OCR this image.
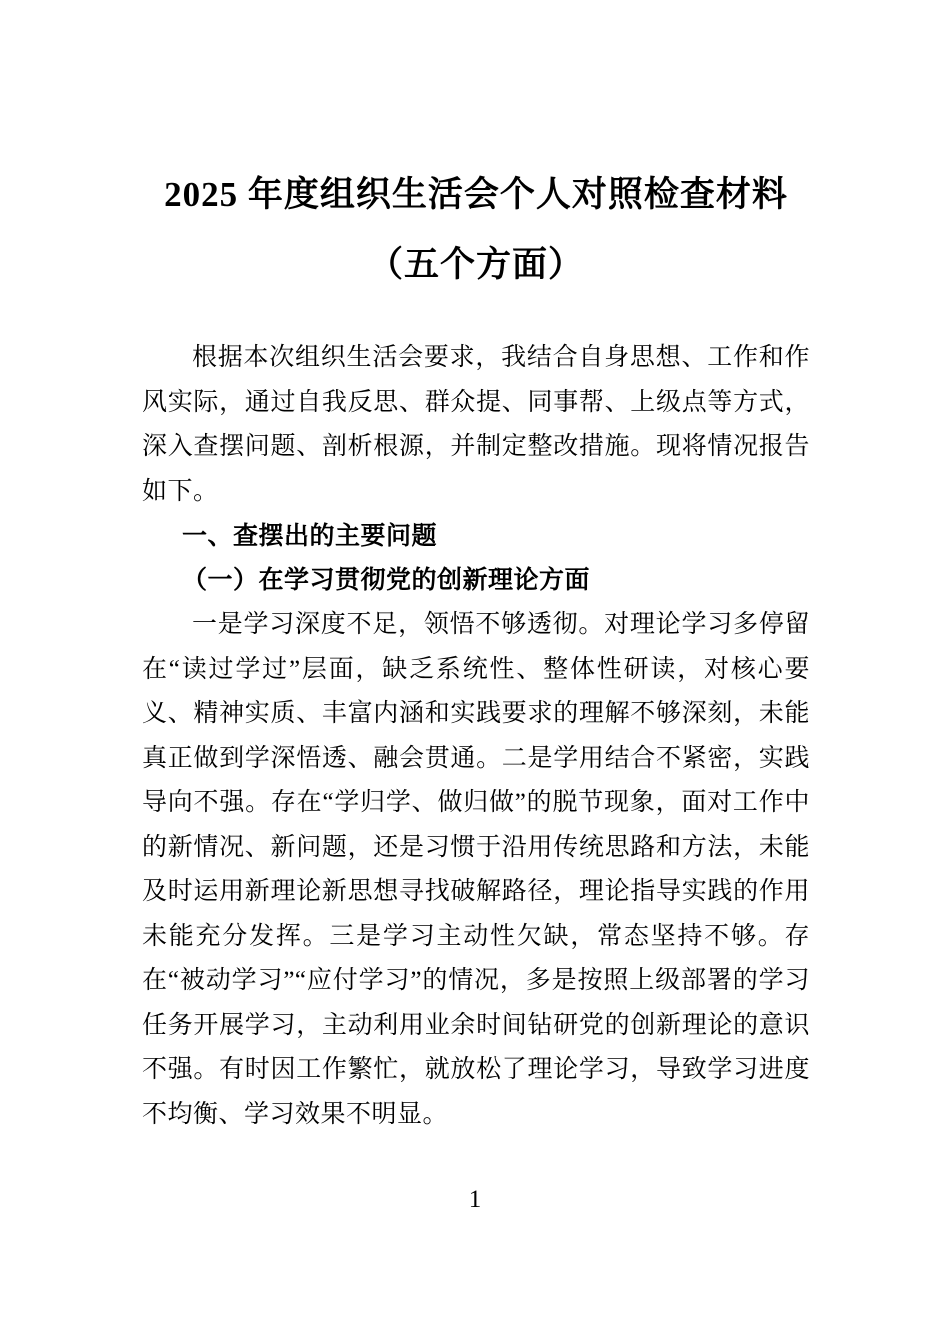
2025 年度组织生活会个人对照检查材料
（五个方面）

根据本次组织生活会要求，我结合自身思想、工作和作风实际，通过自我反思、群众提、同事帮、上级点等方式，深入查摆问题、剖析根源，并制定整改措施。现将情况报告如下。

一、查摆出的主要问题
（一）在学习贯彻党的创新理论方面

一是学习深度不足，领悟不够透彻。对理论学习多停留在“读过学过”层面，缺乏系统性、整体性研读，对核心要义、精神实质、丰富内涵和实践要求的理解不够深刻，未能真正做到学深悟透、融会贯通。二是学用结合不紧密，实践导向不强。存在“学归学、做归做”的脱节现象，面对工作中的新情况、新问题，还是习惯于沿用传统思路和方法，未能及时运用新理论新思想寻找破解路径，理论指导实践的作用未能充分发挥。三是学习主动性欠缺，常态坚持不够。存在“被动学习”“应付学习”的情况，多是按照上级部署的学习任务开展学习，主动利用业余时间钻研党的创新理论的意识不强。有时因工作繁忙，就放松了理论学习，导致学习进度不均衡、学习效果不明显。

1
